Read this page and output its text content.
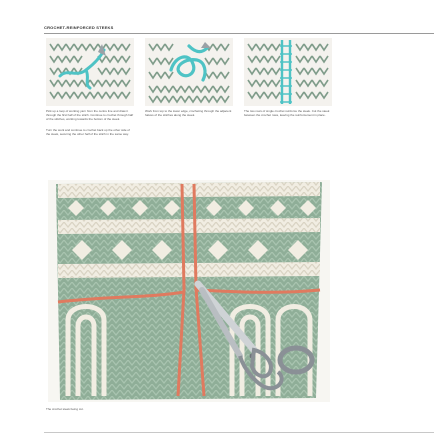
CROCHET-REINFORCED STEEKS
Pick up a loop of working yarn from the centre line and draw it through the first half of the stitch. Continue to crochet through half of the stitches, working towards the bottom of the steek.
Turn the work and continue to crochet back up the other side of the steek, securing the other half of the stitch in the same way.
Work from top to the lower edge, crocheting through the adjacent halves of the stitches along the steek.
The two rows of single crochet reinforce the steek. Cut the steek between the crochet rows, leaving the reinforcement in place.
The crochet steek being cut.
